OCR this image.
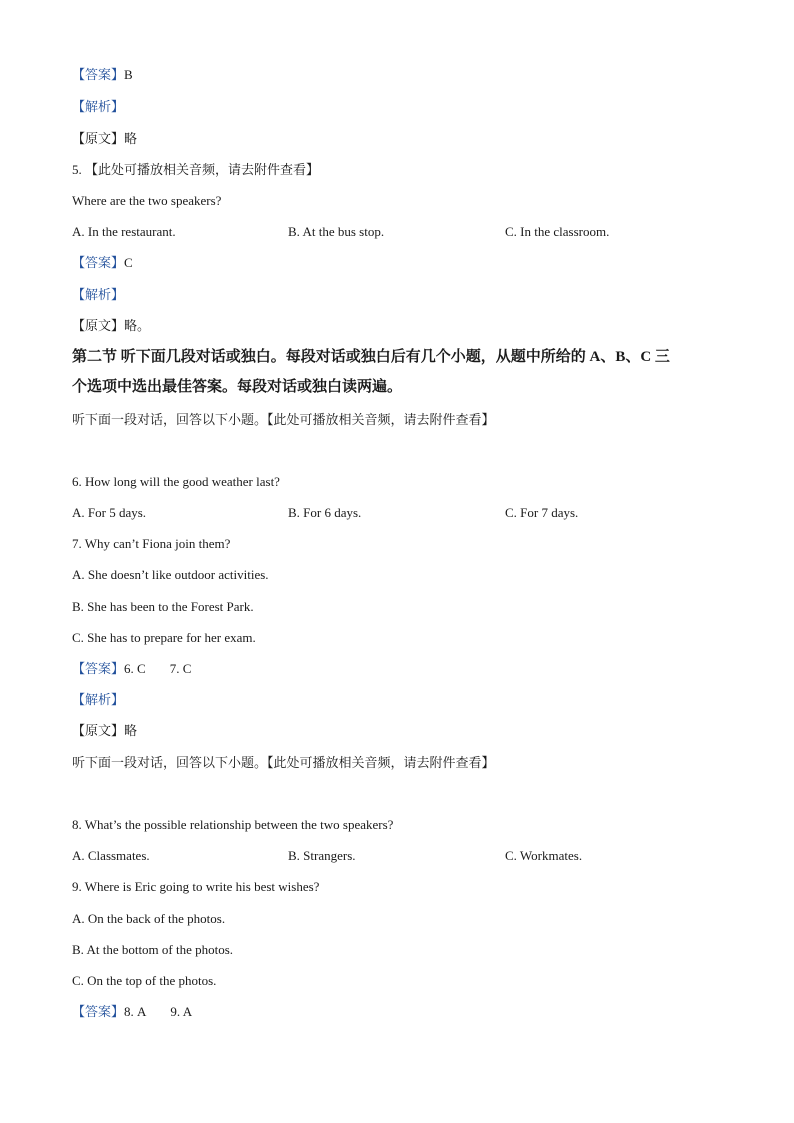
【答案】B
【解析】
【原文】略
5. 【此处可播放相关音频，请去附件查看】
Where are the two speakers?
A. In the restaurant.	B. At the bus stop.	C. In the classroom.
【答案】C
【解析】
【原文】略。
第二节 听下面几段对话或独白。每段对话或独白后有几个小题，从题中所给的 A、B、C 三
个选项中选出最佳答案。每段对话或独白读两遍。
听下面一段对话，回答以下小题。【此处可播放相关音频，请去附件查看】
6. How long will the good weather last?
A. For 5 days.	B. For 6 days.	C. For 7 days.
7. Why can’t Fiona join them?
A. She doesn’t like outdoor activities.
B. She has been to the Forest Park.
C. She has to prepare for her exam.
【答案】6. C 7. C
【解析】
【原文】略
听下面一段对话，回答以下小题。【此处可播放相关音频，请去附件查看】
8. What’s the possible relationship between the two speakers?
A. Classmates.	B. Strangers.	C. Workmates.
9. Where is Eric going to write his best wishes?
A. On the back of the photos.
B. At the bottom of the photos.
C. On the top of the photos.
【答案】8. A 9. A
